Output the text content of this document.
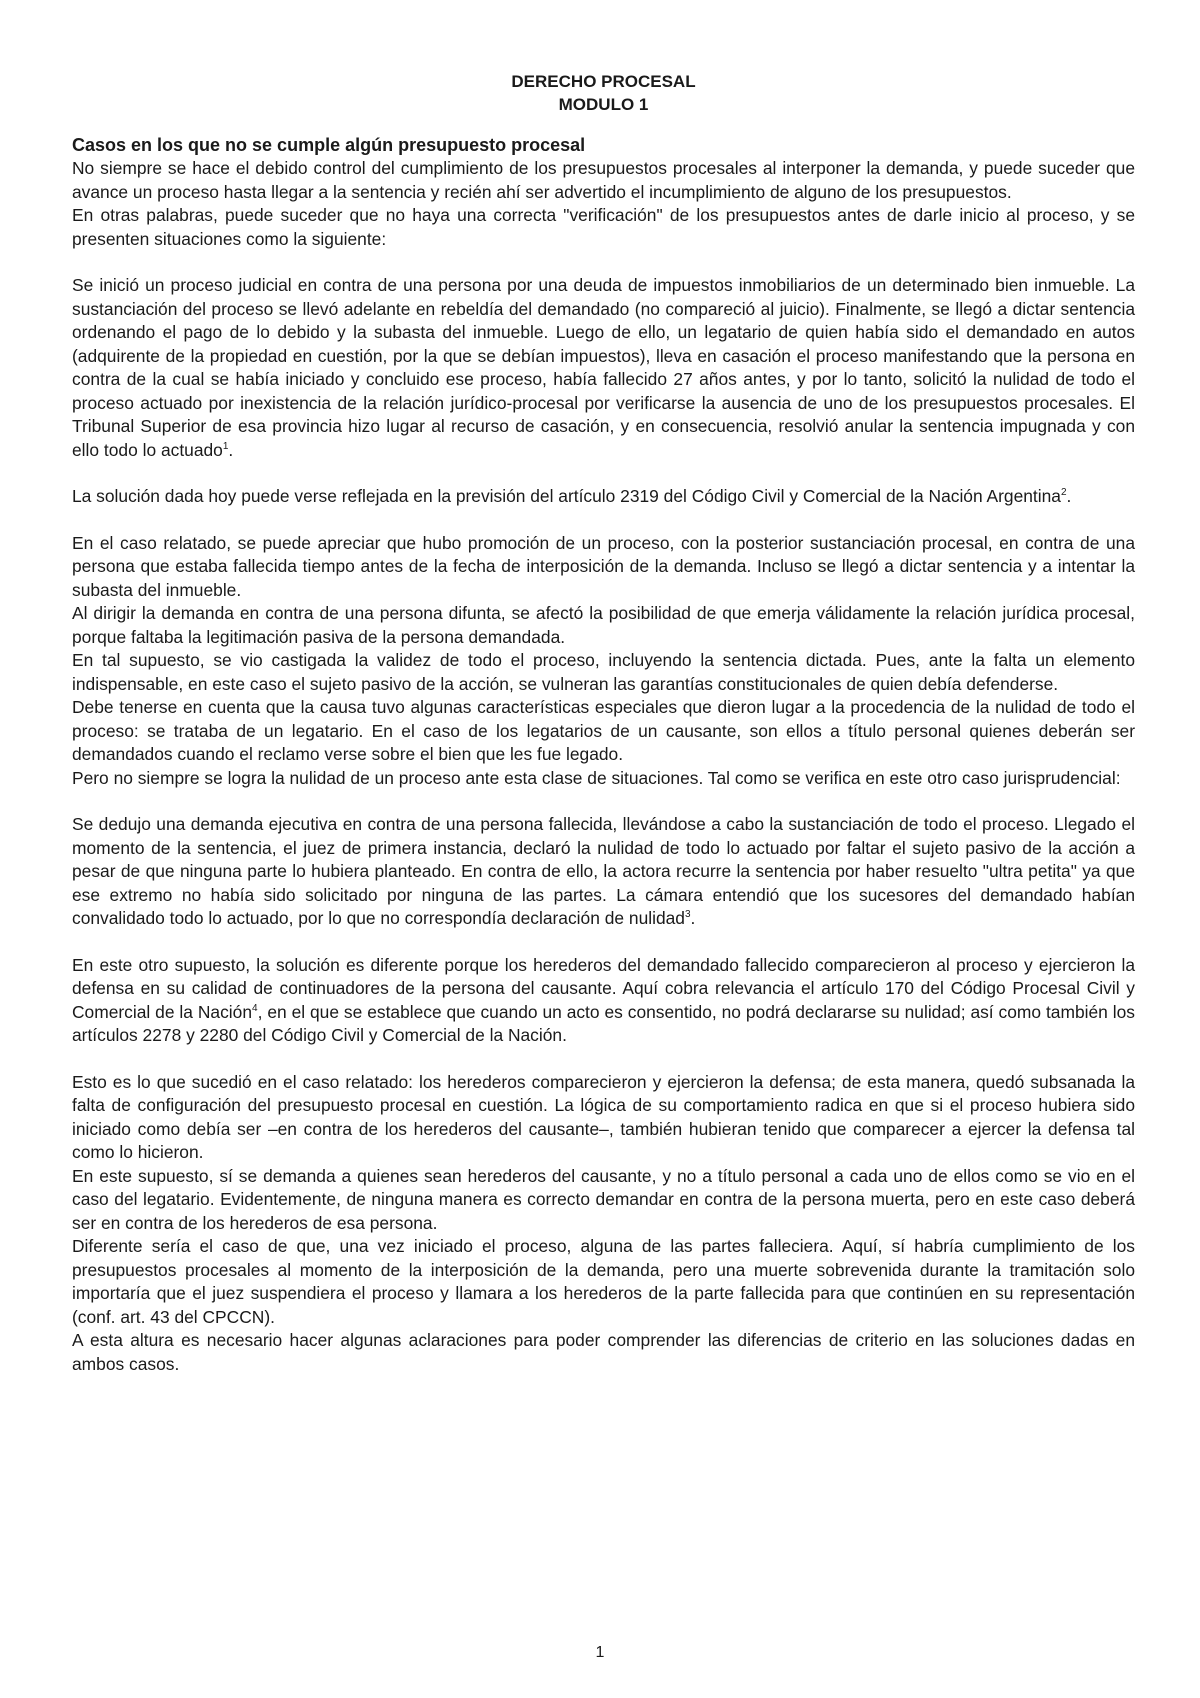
DERECHO PROCESAL

MODULO 1

Casos en los que no se cumple algún presupuesto procesal

No siempre se hace el debido control del cumplimiento de los presupuestos procesales al interponer la demanda, y puede suceder que avance un proceso hasta llegar a la sentencia y recién ahí ser advertido el incumplimiento de alguno de los presupuestos.

En otras palabras, puede suceder que no haya una correcta "verificación" de los presupuestos antes de darle inicio al proceso, y se presenten situaciones como la siguiente:

Se inició un proceso judicial en contra de una persona por una deuda de impuestos inmobiliarios de un determinado bien inmueble. La sustanciación del proceso se llevó adelante en rebeldía del demandado (no compareció al juicio). Finalmente, se llegó a dictar sentencia ordenando el pago de lo debido y la subasta del inmueble. Luego de ello, un legatario de quien había sido el demandado en autos (adquirente de la propiedad en cuestión, por la que se debían impuestos), lleva en casación el proceso manifestando que la persona en contra de la cual se había iniciado y concluido ese proceso, había fallecido 27 años antes, y por lo tanto, solicitó la nulidad de todo el proceso actuado por inexistencia de la relación jurídico-procesal por verificarse la ausencia de uno de los presupuestos procesales. El Tribunal Superior de esa provincia hizo lugar al recurso de casación, y en consecuencia, resolvió anular la sentencia impugnada y con ello todo lo actuado$^1$.

La solución dada hoy puede verse reflejada en la previsión del artículo 2319 del Código Civil y Comercial de la Nación Argentina$^2$.

En el caso relatado, se puede apreciar que hubo promoción de un proceso, con la posterior sustanciación procesal, en contra de una persona que estaba fallecida tiempo antes de la fecha de interposición de la demanda. Incluso se llegó a dictar sentencia y a intentar la subasta del inmueble.

Al dirigir la demanda en contra de una persona difunta, se afectó la posibilidad de que emerja válidamente la relación jurídica procesal, porque faltaba la legitimación pasiva de la persona demandada.

En tal supuesto, se vio castigada la validez de todo el proceso, incluyendo la sentencia dictada. Pues, ante la falta un elemento indispensable, en este caso el sujeto pasivo de la acción, se vulneran las garantías constitucionales de quien debía defenderse.

Debe tenerse en cuenta que la causa tuvo algunas características especiales que dieron lugar a la procedencia de la nulidad de todo el proceso: se trataba de un legatario. En el caso de los legatarios de un causante, son ellos a título personal quienes deberán ser demandados cuando el reclamo verse sobre el bien que les fue legado.

Pero no siempre se logra la nulidad de un proceso ante esta clase de situaciones. Tal como se verifica en este otro caso jurisprudencial:

Se dedujo una demanda ejecutiva en contra de una persona fallecida, llevándose a cabo la sustanciación de todo el proceso. Llegado el momento de la sentencia, el juez de primera instancia, declaró la nulidad de todo lo actuado por faltar el sujeto pasivo de la acción a pesar de que ninguna parte lo hubiera planteado. En contra de ello, la actora recurre la sentencia por haber resuelto "ultra petita" ya que ese extremo no había sido solicitado por ninguna de las partes. La cámara entendió que los sucesores del demandado habían convalidado todo lo actuado, por lo que no correspondía declaración de nulidad$^3$.

En este otro supuesto, la solución es diferente porque los herederos del demandado fallecido comparecieron al proceso y ejercieron la defensa en su calidad de continuadores de la persona del causante. Aquí cobra relevancia el artículo 170 del Código Procesal Civil y Comercial de la Nación$^4$, en el que se establece que cuando un acto es consentido, no podrá declararse su nulidad; así como también los artículos 2278 y 2280 del Código Civil y Comercial de la Nación.

Esto es lo que sucedió en el caso relatado: los herederos comparecieron y ejercieron la defensa; de esta manera, quedó subsanada la falta de configuración del presupuesto procesal en cuestión. La lógica de su comportamiento radica en que si el proceso hubiera sido iniciado como debía ser –en contra de los herederos del causante–, también hubieran tenido que comparecer a ejercer la defensa tal como lo hicieron.

En este supuesto, sí se demanda a quienes sean herederos del causante, y no a título personal a cada uno de ellos como se vio en el caso del legatario. Evidentemente, de ninguna manera es correcto demandar en contra de la persona muerta, pero en este caso deberá ser en contra de los herederos de esa persona.

Diferente sería el caso de que, una vez iniciado el proceso, alguna de las partes falleciera. Aquí, sí habría cumplimiento de los presupuestos procesales al momento de la interposición de la demanda, pero una muerte sobrevenida durante la tramitación solo importaría que el juez suspendiera el proceso y llamara a los herederos de la parte fallecida para que continúen en su representación (conf. art. 43 del CPCCN).

A esta altura es necesario hacer algunas aclaraciones para poder comprender las diferencias de criterio en las soluciones dadas en ambos casos.

1
